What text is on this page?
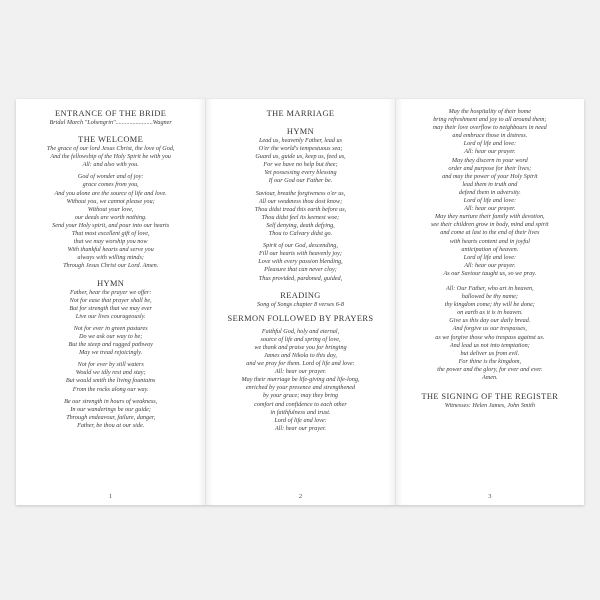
ENTRANCE OF THE BRIDE

Bridal March "Lohengrin"........................Wagner

THE WELCOME

The grace of our lord Jesus Christ, the love of God,

And the fellowship of the Holy Spirit be with you

All: and also with you.

God of wonder and of joy:

grace comes from you,

And you alone are the source of life and love.

Without you, we cannot please you;

Without your love,

our deeds are worth nothing.

Send your Holy spirit, and pour into our hearts

That most excellent gift of love,

that we may worship you now

With thankful hearts and serve you

always with willing minds;

Through Jesus Christ our Lord. Amen.

HYMN

Father, hear the prayer we offer:

Not for ease that prayer shall be,

But for strength that we may ever

Live our lives courageously.

Not for ever in green pastures

Do we ask our way to be;

But the steep and rugged pathway

May we tread rejoicingly.

Not for ever by still waters

Would we idly rest and stay;

But would smith the living fountains

From the rocks along our way.

Be our strength in hours of weakness,

In our wanderings be our guide;

Through endeavour, failure, danger,

Father, be thou at our side.

1

THE MARRIAGE

HYMN

Lead us, heavenly Father, lead us

O'er the world's tempestuous sea;

Guard us, guide us, keep us, feed us,

For we have no help but thee;

Yet possessing every blessing

If our God our Father be.

Saviour, breathe forgiveness o'er us,

All our weakness thou dost know;

Thou didst tread this earth before us,

Thou didst feel its keenest woe;

Self denying, death defying,

Thou to Calvary didst go.

Spirit of our God, descending,

Fill our hearts with heavenly joy;

Love with every passion blending,

Pleasure that can never cloy;

Thus provided, pardoned, guided,

READING

Song of Songs chapter 8 verses 6-8

SERMON FOLLOWED BY PRAYERS

Faithful God, holy and eternal,

source of life and spring of love,

we thank and praise you for bringing

James and Nikola to this day,

and we pray for them. Lord of life and love:

All: hear our prayer.

May their marriage be life-giving and life-long,

enriched by your presence and strengthened

by your grace; may they bring

comfort and confidence to each other

in faithfulness and trust.

Lord of life and love:

All: hear our prayer.

2

May the hospitality of their home

bring refreshment and joy to all around them;

may their love overflow to neighbours in need

and embrace those in distress.

Lord of life and love:

All: hear our prayer.

May they discern in your word

order and purpose for their lives;

and may the power of your Holy Spirit

lead them in truth and

defend them in adversity.

Lord of life and love:

All: hear our prayer.

May they nurture their family with devotion,

see their children grow in body, mind and spirit

and come at last to the end of their lives

with hearts content and in joyful

anticipation of heaven.

Lord of life and love:

All: hear our prayer.

As our Saviour taught us, so we pray.

All: Our Father, who art in heaven,

hallowed be thy name;

thy kingdom come; thy will be done;

on earth as it is in heaven.

Give us this day our daily bread.

And forgive us our trespasses,

as we forgive those who trespass against us.

And lead us not into temptation;

but deliver us from evil.

For thine is the kingdom,

the power and the glory, for ever and ever.

Amen.

THE SIGNING OF THE REGISTER

Witnesses: Helen James, John Smith

3
